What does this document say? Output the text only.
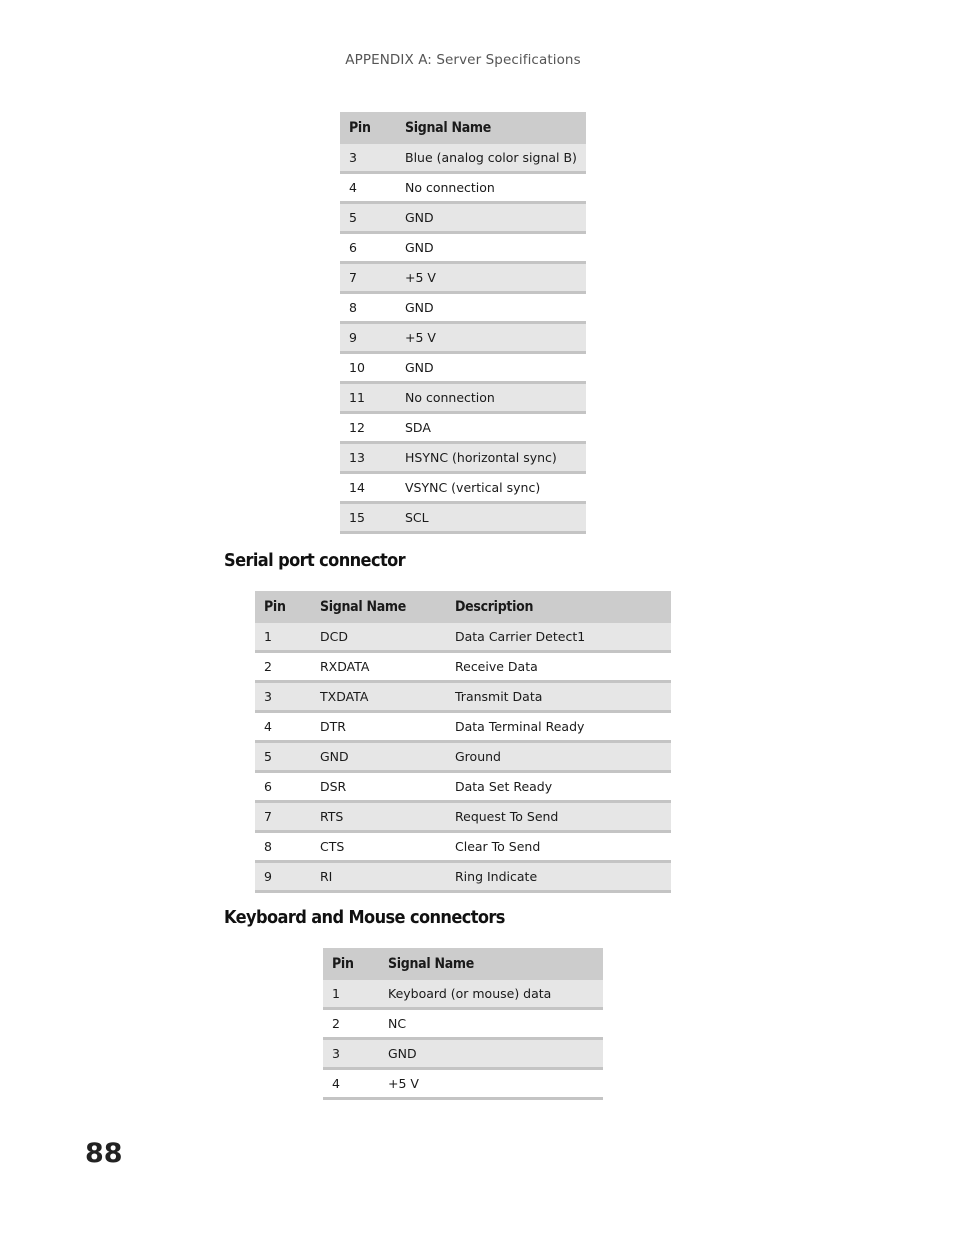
APPENDIX A: Server Specifications
Pin	Signal Name
3	Blue (analog color signal B)
4	No connection
5	GND
6	GND
7	+5 V
8	GND
9	+5 V
10	GND
11	No connection
12	SDA
13	HSYNC (horizontal sync)
14	VSYNC (vertical sync)
15	SCL
Serial port connector
Pin	Signal Name	Description
1	DCD	Data Carrier Detect1
2	RXDATA	Receive Data
3	TXDATA	Transmit Data
4	DTR	Data Terminal Ready
5	GND	Ground
6	DSR	Data Set Ready
7	RTS	Request To Send
8	CTS	Clear To Send
9	RI	Ring Indicate
Keyboard and Mouse connectors
Pin	Signal Name
1	Keyboard (or mouse) data
2	NC
3	GND
4	+5 V
88
